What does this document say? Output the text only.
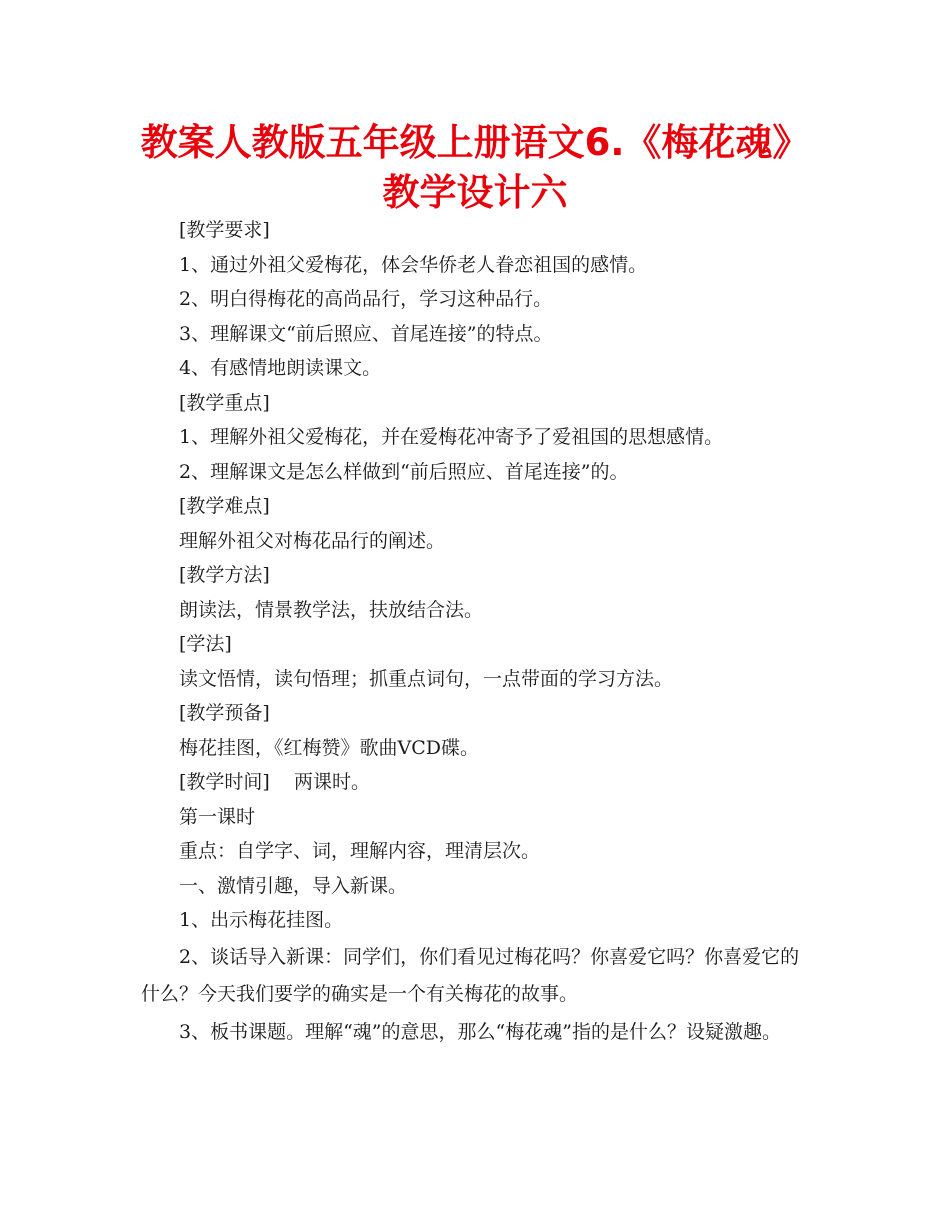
教案人教版五年级上册语文6.《梅花魂》
教学设计六

[教学要求]

1、通过外祖父爱梅花，体会华侨老人眷恋祖国的感情。

2、明白得梅花的高尚品行，学习这种品行。

3、理解课文“前后照应、首尾连接”的特点。

4、有感情地朗读课文。

[教学重点]

1、理解外祖父爱梅花，并在爱梅花冲寄予了爱祖国的思想感情。

2、理解课文是怎么样做到“前后照应、首尾连接”的。

[教学难点]

理解外祖父对梅花品行的阐述。

[教学方法]

朗读法，情景教学法，扶放结合法。

[学法]

读文悟情，读句悟理；抓重点词句，一点带面的学习方法。

[教学预备]

梅花挂图，《红梅赞》歌曲VCD碟。

[教学时间]    两课时。

第一课时

重点：自学字、词，理解内容，理清层次。

一、激情引趣，导入新课。

1、出示梅花挂图。

2、谈话导入新课：同学们，你们看见过梅花吗？你喜爱它吗？你喜爱它的什么？今天我们要学的确实是一个有关梅花的故事。

3、板书课题。理解“魂”的意思，那么“梅花魂”指的是什么？设疑激趣。
